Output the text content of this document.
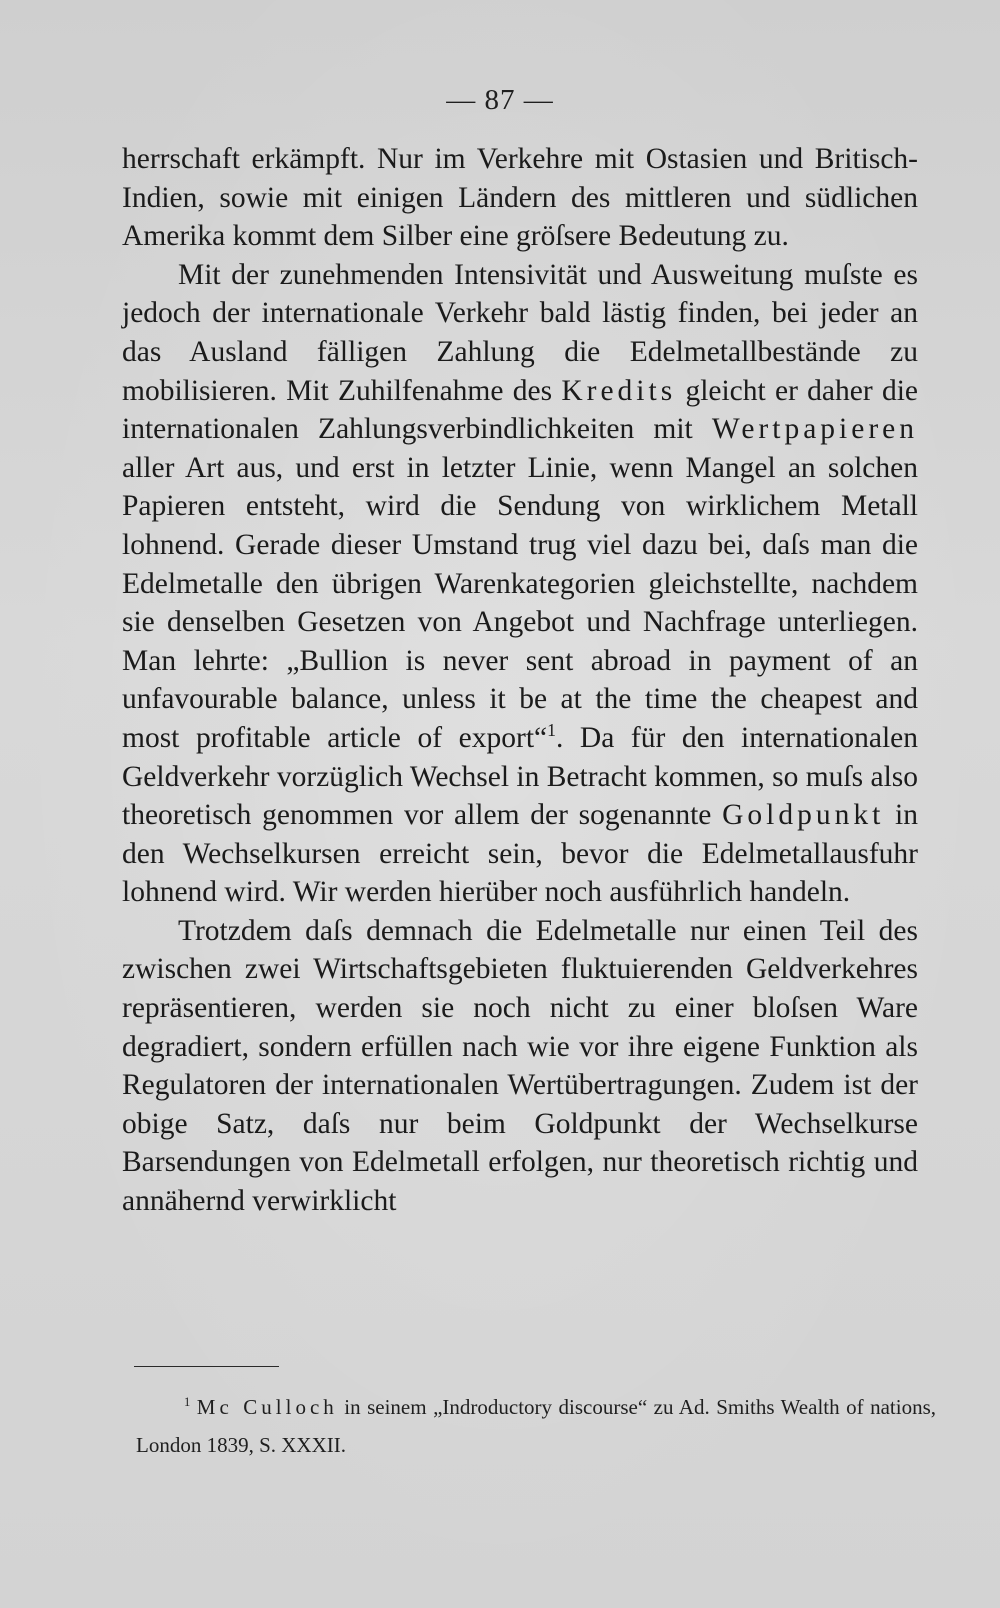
— 87 —

herrschaft erkämpft. Nur im Verkehre mit Ostasien und Britisch-Indien, sowie mit einigen Ländern des mittleren und südlichen Amerika kommt dem Silber eine gröſsere Bedeutung zu.

Mit der zunehmenden Intensivität und Ausweitung muſste es jedoch der internationale Verkehr bald lästig finden, bei jeder an das Ausland fälligen Zahlung die Edelmetallbestände zu mobilisieren. Mit Zuhilfenahme des Kredits gleicht er daher die internationalen Zahlungsverbindlichkeiten mit Wertpapieren aller Art aus, und erst in letzter Linie, wenn Mangel an solchen Papieren entsteht, wird die Sendung von wirklichem Metall lohnend. Gerade dieser Umstand trug viel dazu bei, daſs man die Edelmetalle den übrigen Warenkategorien gleichstellte, nachdem sie denselben Gesetzen von Angebot und Nachfrage unterliegen. Man lehrte: „Bullion is never sent abroad in payment of an unfavourable balance, unless it be at the time the cheapest and most profitable article of export“$^1$. Da für den internationalen Geldverkehr vorzüglich Wechsel in Betracht kommen, so muſs also theoretisch genommen vor allem der sogenannte Goldpunkt in den Wechselkursen erreicht sein, bevor die Edelmetallausfuhr lohnend wird. Wir werden hierüber noch ausführlich handeln.

Trotzdem daſs demnach die Edelmetalle nur einen Teil des zwischen zwei Wirtschaftsgebieten fluktuierenden Geldverkehres repräsentieren, werden sie noch nicht zu einer bloſsen Ware degradiert, sondern erfüllen nach wie vor ihre eigene Funktion als Regulatoren der internationalen Wertübertragungen. Zudem ist der obige Satz, daſs nur beim Goldpunkt der Wechselkurse Barsendungen von Edelmetall erfolgen, nur theoretisch richtig und annähernd verwirklicht

$^1$ Mc Culloch in seinem „Indroductory discourse“ zu Ad. Smiths Wealth of nations, London 1839, S. XXXII.
